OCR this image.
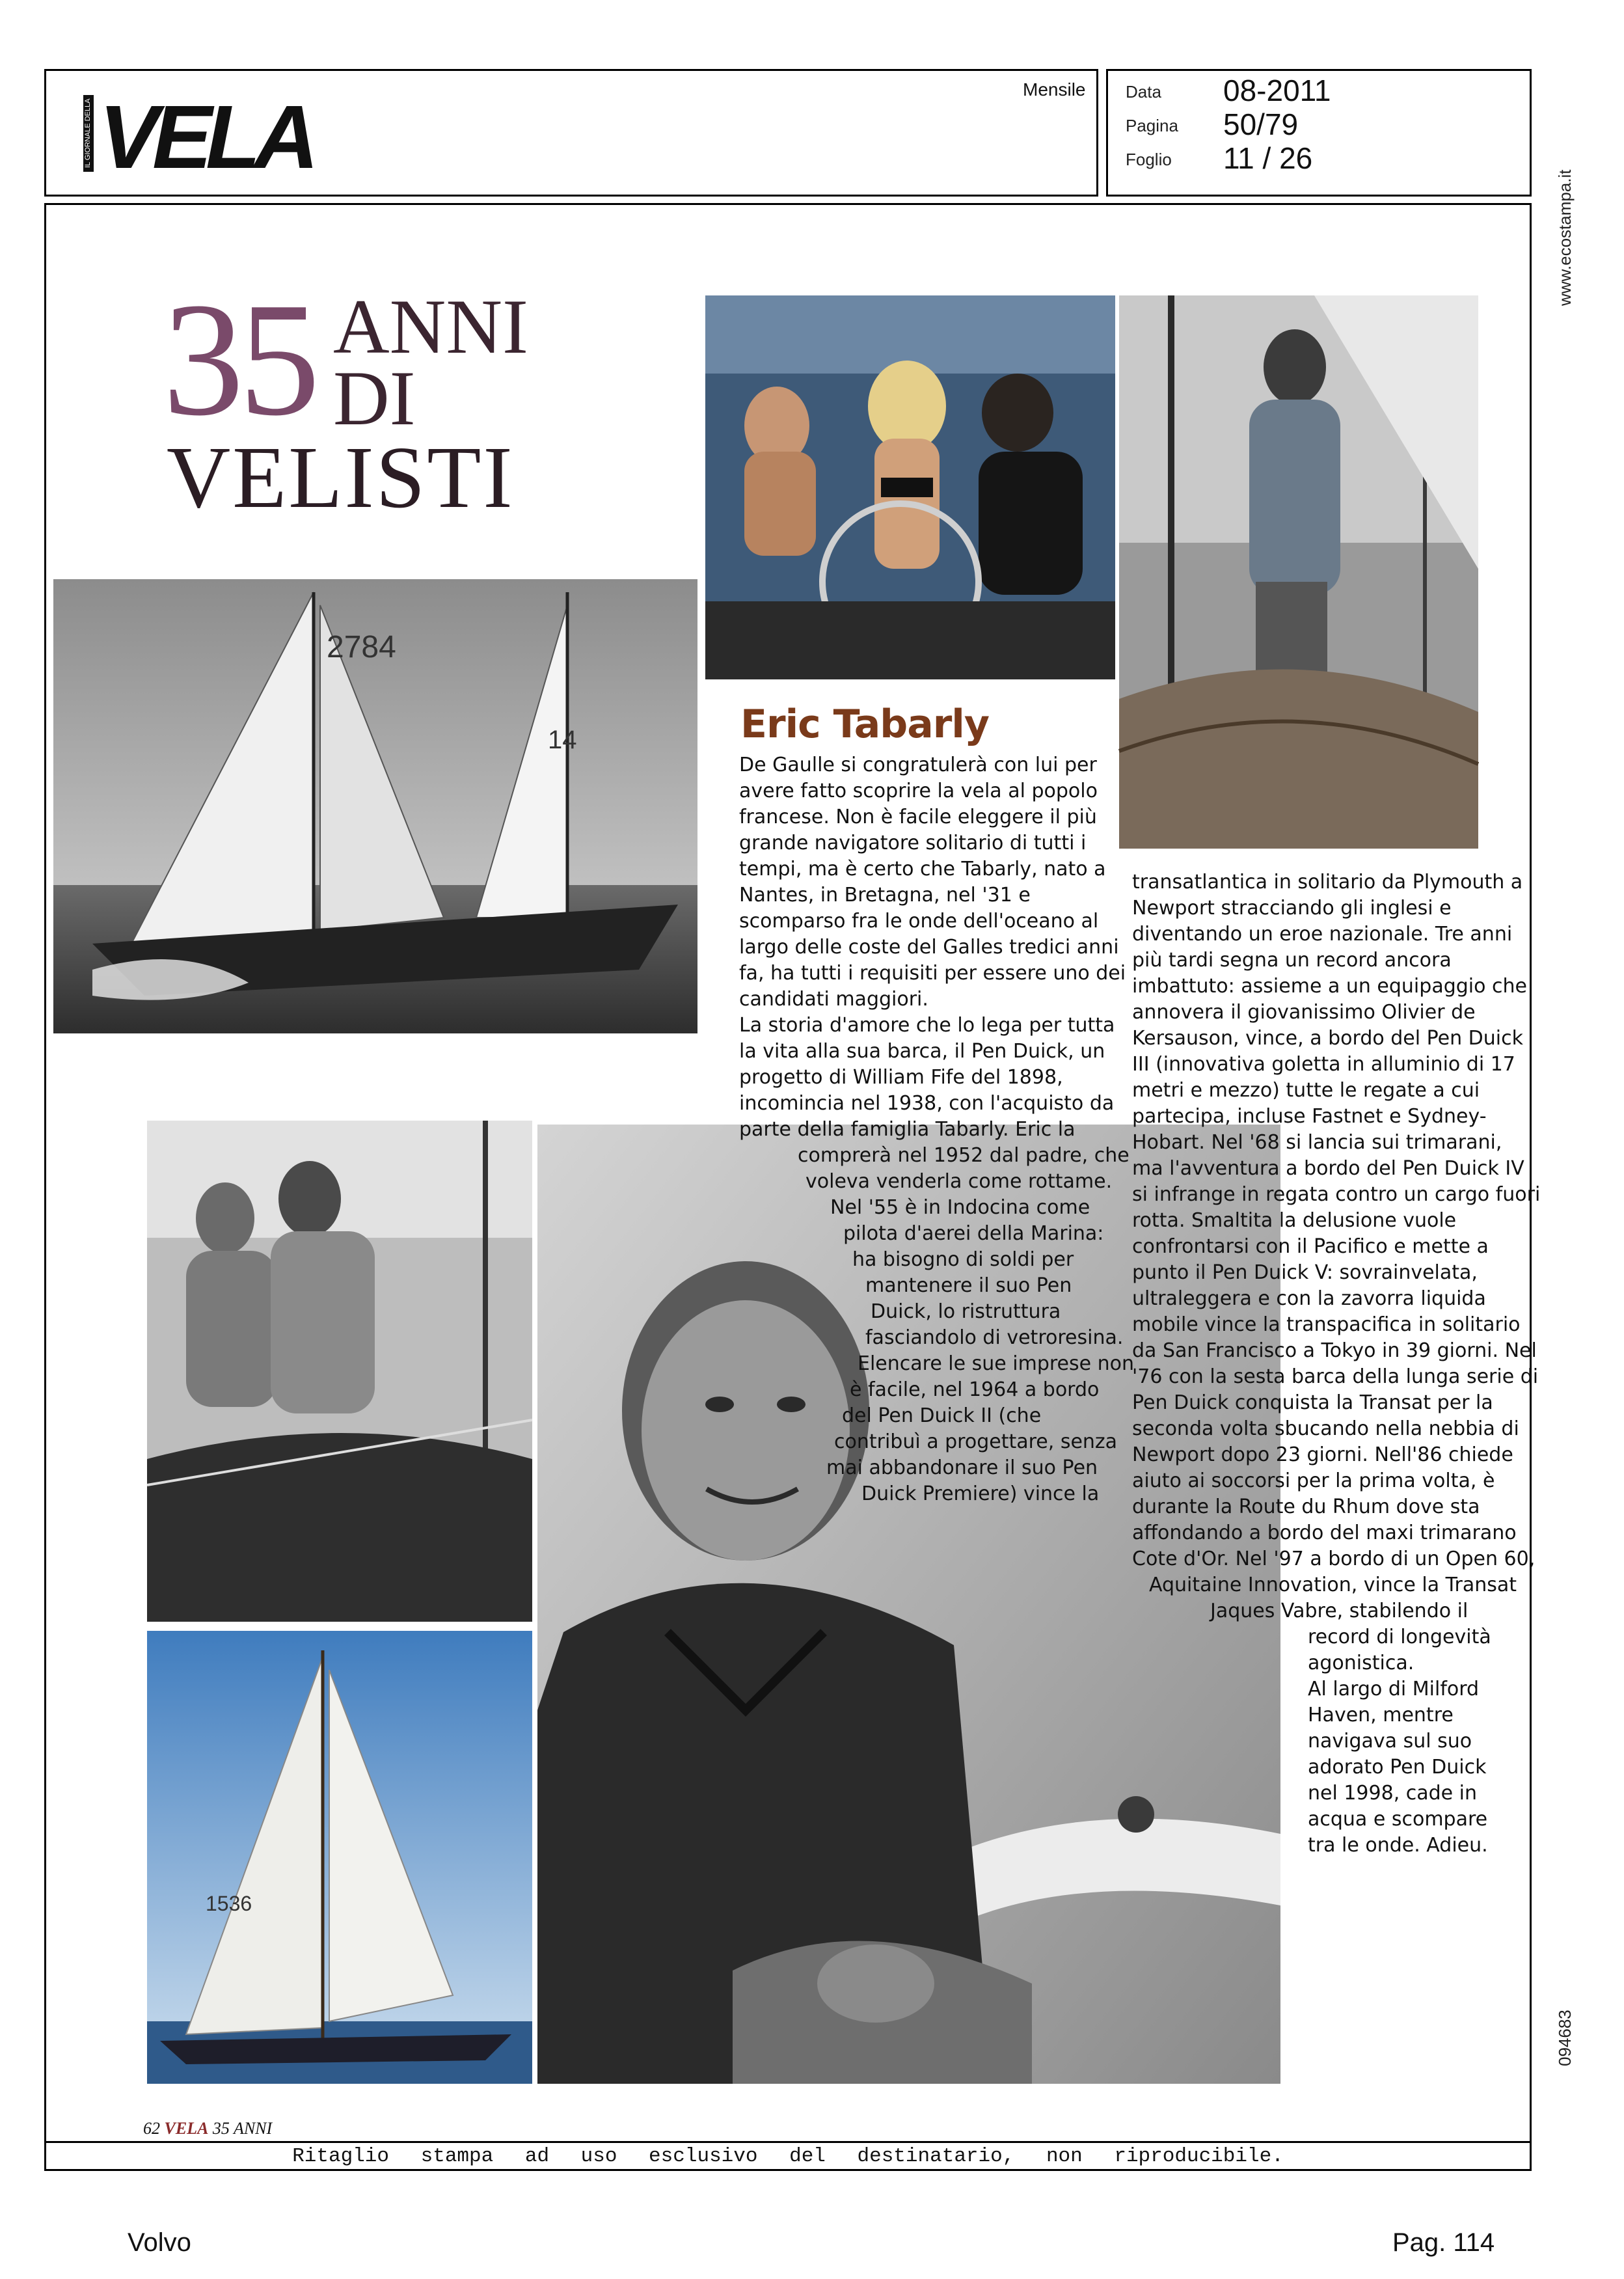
IL GIORNALE DELLA VELA	Mensile Data
Pagina
Foglio
08-2011
50/79
11 / 26
Ritaglio stampa ad uso esclusivo del destinatario, non riproducibile.
www.ecostampa.it
094683
35 ANNI
DI
VELISTI
2784
14
1536
Eric Tabarly
De Gaulle si congratulerà con lui per
avere fatto scoprire la vela al popolo
francese. Non è facile eleggere il più
grande navigatore solitario di tutti i
tempi, ma è certo che Tabarly, nato a
Nantes, in Bretagna, nel '31 e
scomparso fra le onde dell'oceano al
largo delle coste del Galles tredici anni
fa, ha tutti i requisiti per essere uno dei
candidati maggiori.
La storia d'amore che lo lega per tutta
la vita alla sua barca, il Pen Duick, un
progetto di William Fife del 1898,
incomincia nel 1938, con l'acquisto da
parte della famiglia Tabarly. Eric la
comprerà nel 1952 dal padre, che
voleva venderla come rottame.
Nel '55 è in Indocina come
pilota d'aerei della Marina:
ha bisogno di soldi per
mantenere il suo Pen
Duick, lo ristruttura
fasciandolo di vetroresina.
Elencare le sue imprese non
è facile, nel 1964 a bordo
del Pen Duick II (che
contribuì a progettare, senza
mai abbandonare il suo Pen
Duick Premiere) vince la
transatlantica in solitario da Plymouth a
Newport stracciando gli inglesi e
diventando un eroe nazionale. Tre anni
più tardi segna un record ancora
imbattuto: assieme a un equipaggio che
annovera il giovanissimo Olivier de
Kersauson, vince, a bordo del Pen Duick
III (innovativa goletta in alluminio di 17
metri e mezzo) tutte le regate a cui
partecipa, incluse Fastnet e Sydney-
Hobart. Nel '68 si lancia sui trimarani,
ma l'avventura a bordo del Pen Duick IV
si infrange in regata contro un cargo fuori
rotta. Smaltita la delusione vuole
confrontarsi con il Pacifico e mette a
punto il Pen Duick V: sovrainvelata,
ultraleggera e con la zavorra liquida
mobile vince la transpacifica in solitario
da San Francisco a Tokyo in 39 giorni. Nel
'76 con la sesta barca della lunga serie di
Pen Duick conquista la Transat per la
seconda volta sbucando nella nebbia di
Newport dopo 23 giorni. Nell'86 chiede
aiuto ai soccorsi per la prima volta, è
durante la Route du Rhum dove sta
affondando a bordo del maxi trimarano
Cote d'Or. Nel '97 a bordo di un Open 60,
Aquitaine Innovation, vince la Transat
Jaques Vabre, stabilendo il
record di longevità
agonistica.
Al largo di Milford
Haven, mentre
navigava sul suo
adorato Pen Duick
nel 1998, cade in
acqua e scompare
tra le onde. Adieu.
62 VELA 35 ANNI
Volvo	Pag. 114
